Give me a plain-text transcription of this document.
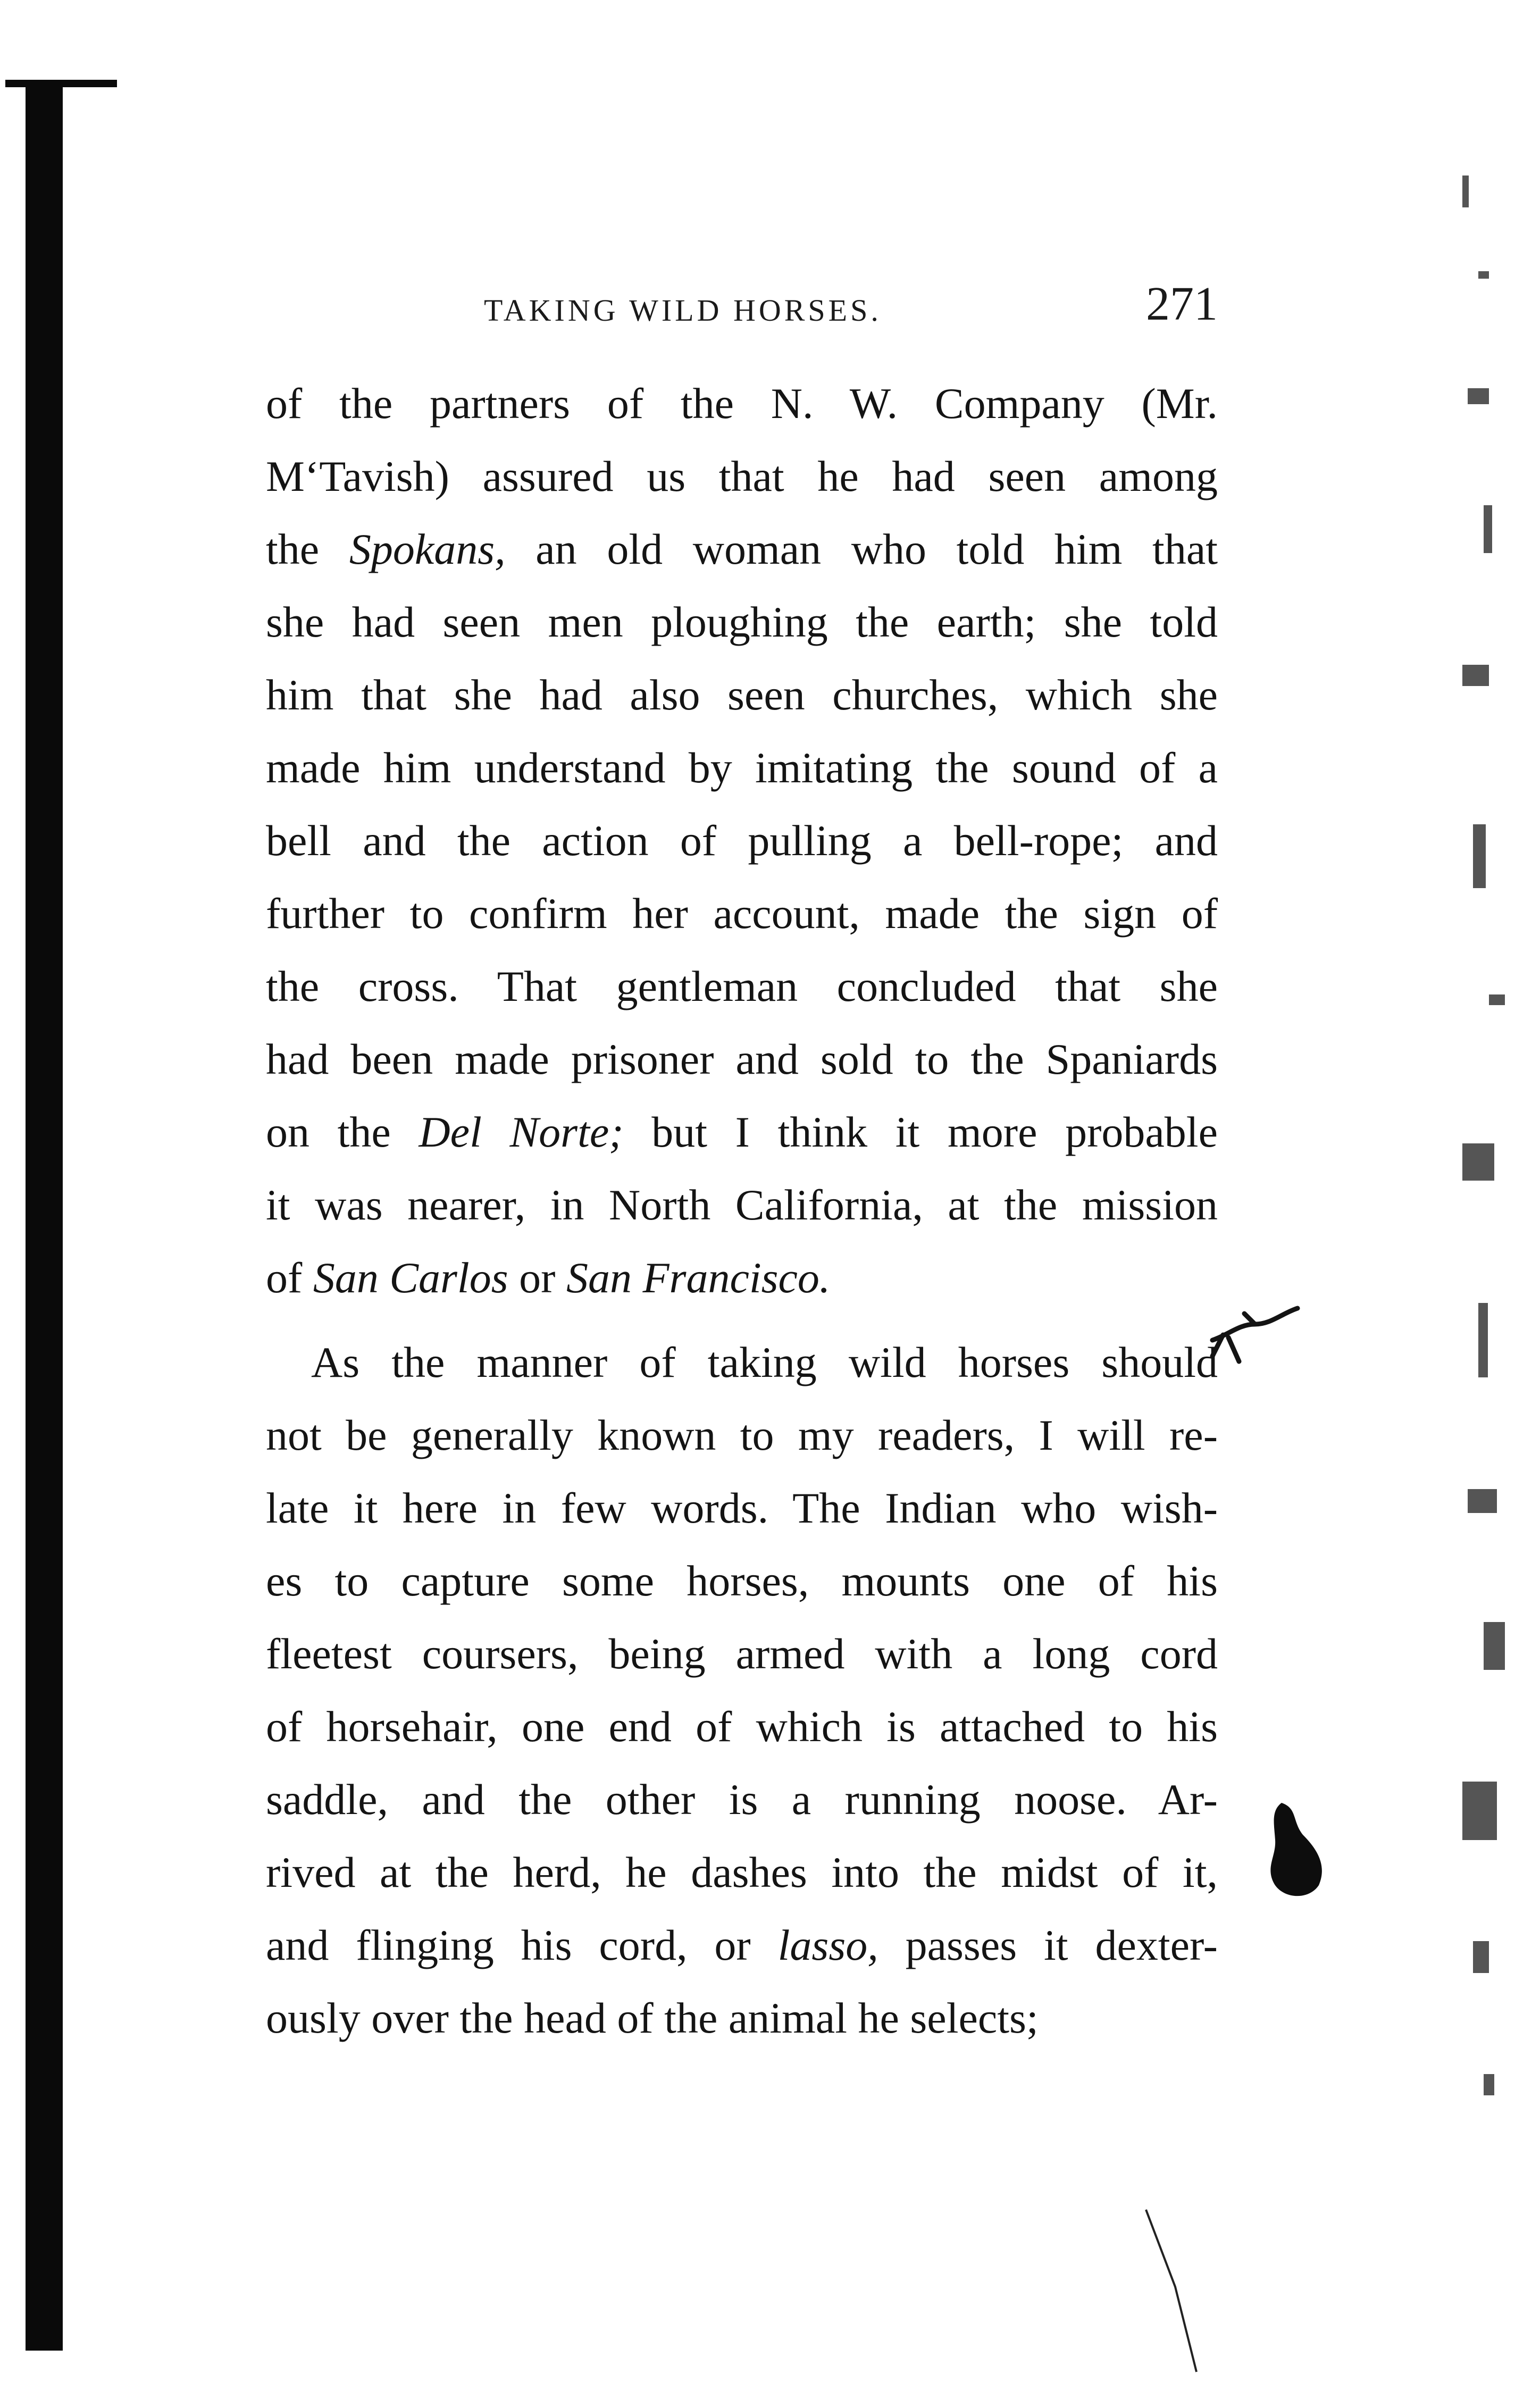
TAKING WILD HORSES.	271
of the partners of the N. W. Company (Mr.
M‘Tavish) assured us that he had seen among
the Spokans, an old woman who told him that
she had seen men ploughing the earth; she told
him that she had also seen churches, which she
made him understand by imitating the sound of a
bell and the action of pulling a bell-rope; and
further to confirm her account, made the sign of
the cross. That gentleman concluded that she
had been made prisoner and sold to the Spaniards
on the Del Norte; but I think it more probable
it was nearer, in North California, at the mission
of San Carlos or San Francisco.
As the manner of taking wild horses should
not be generally known to my readers, I will re-
late it here in few words. The Indian who wish-
es to capture some horses, mounts one of his
fleetest coursers, being armed with a long cord
of horsehair, one end of which is attached to his
saddle, and the other is a running noose. Ar-
rived at the herd, he dashes into the midst of it,
and flinging his cord, or lasso, passes it dexter-
ously over the head of the animal he selects;
